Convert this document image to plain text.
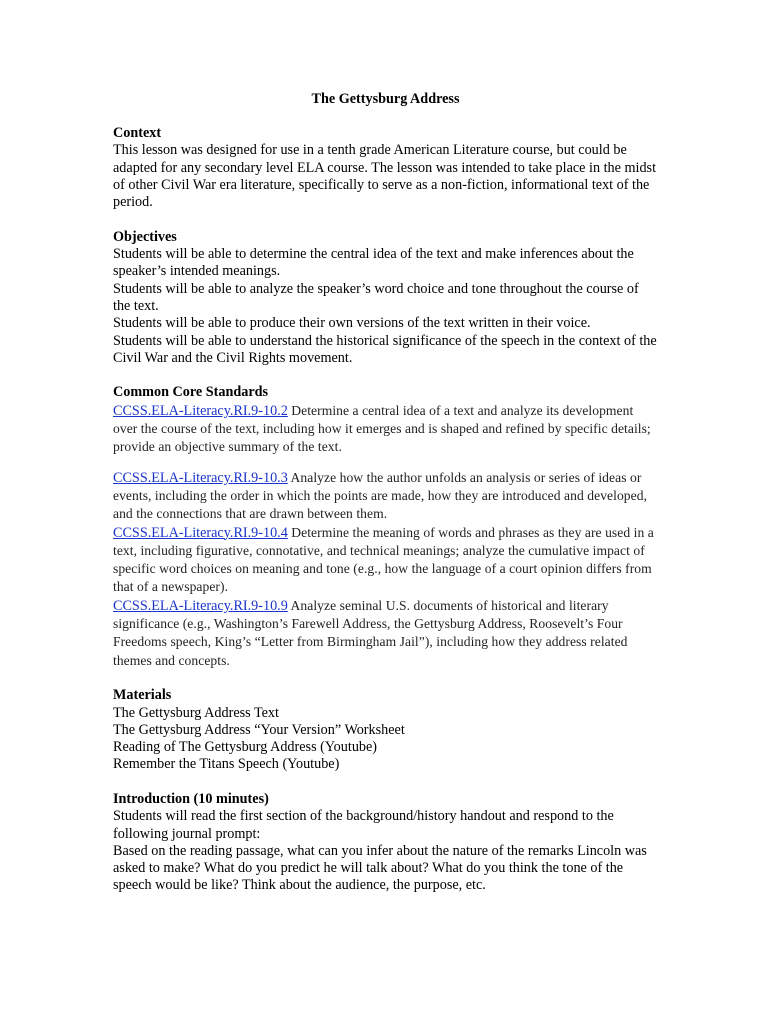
The Gettysburg Address
Context
This lesson was designed for use in a tenth grade American Literature course, but could be adapted for any secondary level ELA course. The lesson was intended to take place in the midst of other Civil War era literature, specifically to serve as a non-fiction, informational text of the period.
Objectives
Students will be able to determine the central idea of the text and make inferences about the speaker’s intended meanings.
Students will be able to analyze the speaker’s word choice and tone throughout the course of the text.
Students will be able to produce their own versions of the text written in their voice.
Students will be able to understand the historical significance of the speech in the context of the Civil War and the Civil Rights movement.
Common Core Standards
CCSS.ELA-Literacy.RI.9-10.2 Determine a central idea of a text and analyze its development over the course of the text, including how it emerges and is shaped and refined by specific details; provide an objective summary of the text.
CCSS.ELA-Literacy.RI.9-10.3 Analyze how the author unfolds an analysis or series of ideas or events, including the order in which the points are made, how they are introduced and developed, and the connections that are drawn between them.
CCSS.ELA-Literacy.RI.9-10.4 Determine the meaning of words and phrases as they are used in a text, including figurative, connotative, and technical meanings; analyze the cumulative impact of specific word choices on meaning and tone (e.g., how the language of a court opinion differs from that of a newspaper).
CCSS.ELA-Literacy.RI.9-10.9 Analyze seminal U.S. documents of historical and literary significance (e.g., Washington’s Farewell Address, the Gettysburg Address, Roosevelt’s Four Freedoms speech, King’s “Letter from Birmingham Jail”), including how they address related themes and concepts.
Materials
The Gettysburg Address Text
The Gettysburg Address “Your Version” Worksheet
Reading of The Gettysburg Address (Youtube)
Remember the Titans Speech (Youtube)
Introduction (10 minutes)
Students will read the first section of the background/history handout and respond to the following journal prompt:
Based on the reading passage, what can you infer about the nature of the remarks Lincoln was asked to make? What do you predict he will talk about? What do you think the tone of the speech would be like? Think about the audience, the purpose, etc.
